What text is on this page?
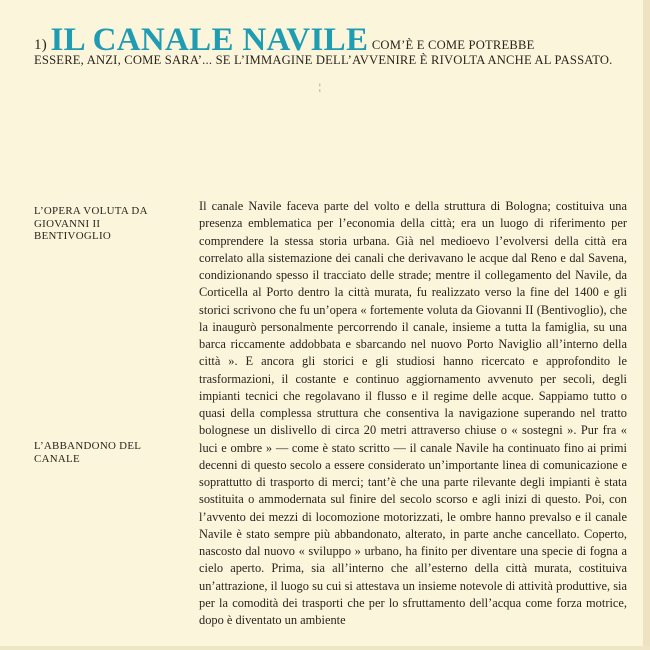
1) IL CANALE NAVILE COM’È E COME POTREBBE
ESSERE, ANZI, COME SARA’... SE L’IMMAGINE DELL’AVVENIRE È RIVOLTA ANCHE AL PASSATO.
¦
L’OPERA VOLUTA DA
GIOVANNI II
BENTIVOGLIO
L’ABBANDONO DEL
CANALE
Il canale Navile faceva parte del volto e della struttura di Bologna; costituiva una presenza emblematica per l’economia della città; era un luogo di riferimento per comprendere la stessa storia urbana. Già nel medioevo l’evolversi della città era correlato alla sistemazione dei canali che derivavano le acque dal Reno e dal Savena, condizionando spesso il tracciato delle strade; mentre il collegamento del Navile, da Corticella al Porto dentro la città murata, fu realizzato verso la fine del 1400 e gli storici scrivono che fu un’opera « fortemente voluta da Giovanni II (Bentivoglio), che la inaugurò personalmente percorrendo il canale, insieme a tutta la famiglia, su una barca riccamente addobbata e sbarcando nel nuovo Porto Naviglio all’interno della città ». E ancora gli storici e gli studiosi hanno ricercato e approfondito le trasformazioni, il costante e continuo aggiornamento avvenuto per secoli, degli impianti tecnici che regolavano il flusso e il regime delle acque. Sappiamo tutto o quasi della complessa struttura che consentiva la navigazione superando nel tratto bolognese un dislivello di circa 20 metri attraverso chiuse o « sostegni ». Pur fra « luci e ombre » — come è stato scritto — il canale Navile ha continuato fino ai primi decenni di questo secolo a essere considerato un’importante linea di comunicazione e soprattutto di trasporto di merci; tant’è che una parte rilevante degli impianti è stata sostituita o ammodernata sul finire del secolo scorso e agli inizi di questo. Poi, con l’avvento dei mezzi di locomozione motorizzati, le ombre hanno prevalso e il canale Navile è stato sempre più abbandonato, alterato, in parte anche cancellato. Coperto, nascosto dal nuovo « sviluppo » urbano, ha finito per diventare una specie di fogna a cielo aperto. Prima, sia all’interno che all’esterno della città murata, costituiva un’attrazione, il luogo su cui si attestava un insieme notevole di attività produttive, sia per la comodità dei trasporti che per lo sfruttamento dell’acqua come forza motrice, dopo è diventato un ambiente
